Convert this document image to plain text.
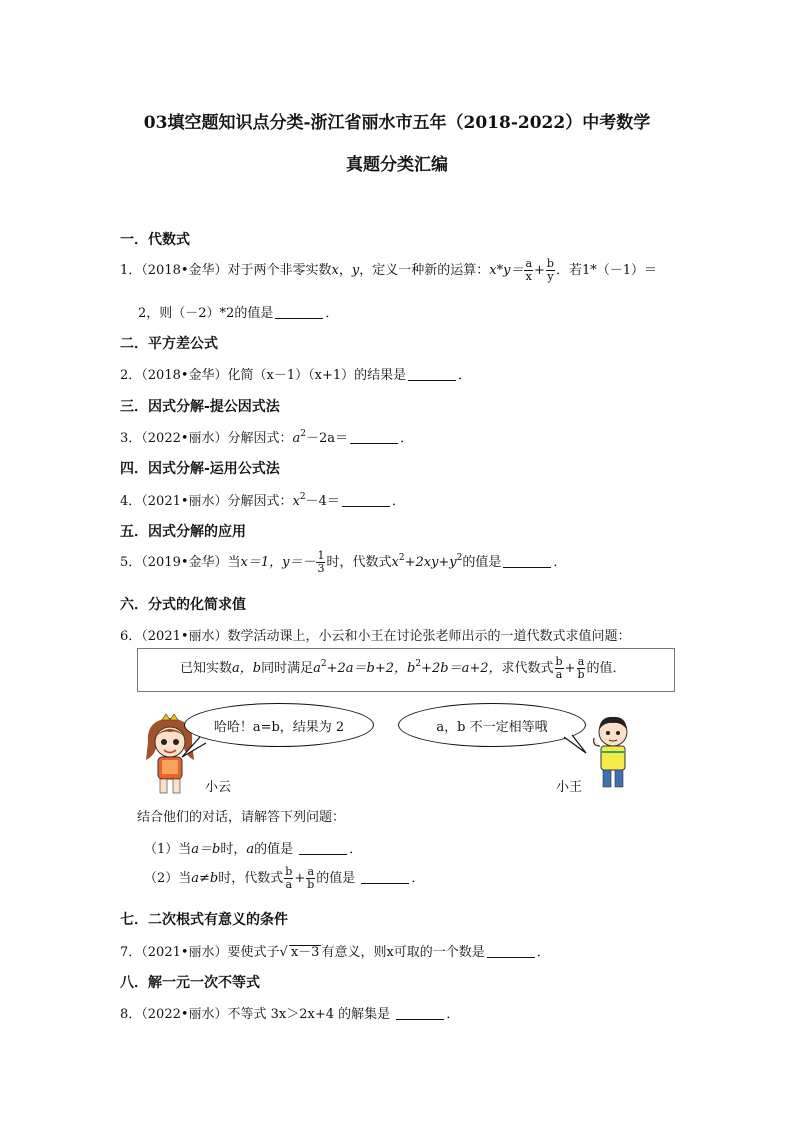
03填空题知识点分类-浙江省丽水市五年（2018-2022）中考数学
真题分类汇编
一．代数式
1．（2018•金华）对于两个非零实数x，y，定义一种新的运算：$x*y= \frac{a}{x} + \frac{b}{y}$ ．若1*（－1）＝
2，则（－2）*2的值是	．
二．平方差公式
2．（2018•金华）化简（x－1）（x+1）的结果是	．
三．因式分解-提公因式法
3．（2022•丽水）分解因式：$a^2-2a=$	．
四．因式分解-运用公式法
4．（2021•丽水）分解因式：$x^2-4=$	．
五．因式分解的应用
5．（2019•金华）当x＝1，$y=- \frac{1}{3}$ 时，代数式$x^2+2xy+y^2$的值是	．
六．分式的化简求值
6．（2021•丽水）数学活动课上，小云和小王在讨论张老师出示的一道代数式求值问题：
已知实数a，b同时满足$a^2+2a=b+2$，$b^2+2b=a+2$，求代数式 $\frac{b}{a} + \frac{a}{b}$ 的值．
小云
哈哈！a=b，结果为 2	a，b 不一定相等哦
小王
结合他们的对话，请解答下列问题：
（1）当a＝b时，a的值是	．
（2）当a≠b时，代数式 $\frac{b}{a} + \frac{a}{b}$ 的值是	．
七．二次根式有意义的条件
7．（2021•丽水）要使式子√ x－3 有意义，则x可取的一个数是	．
八．解一元一次不等式
8．（2022•丽水）不等式 3x＞2x+4 的解集是	．
